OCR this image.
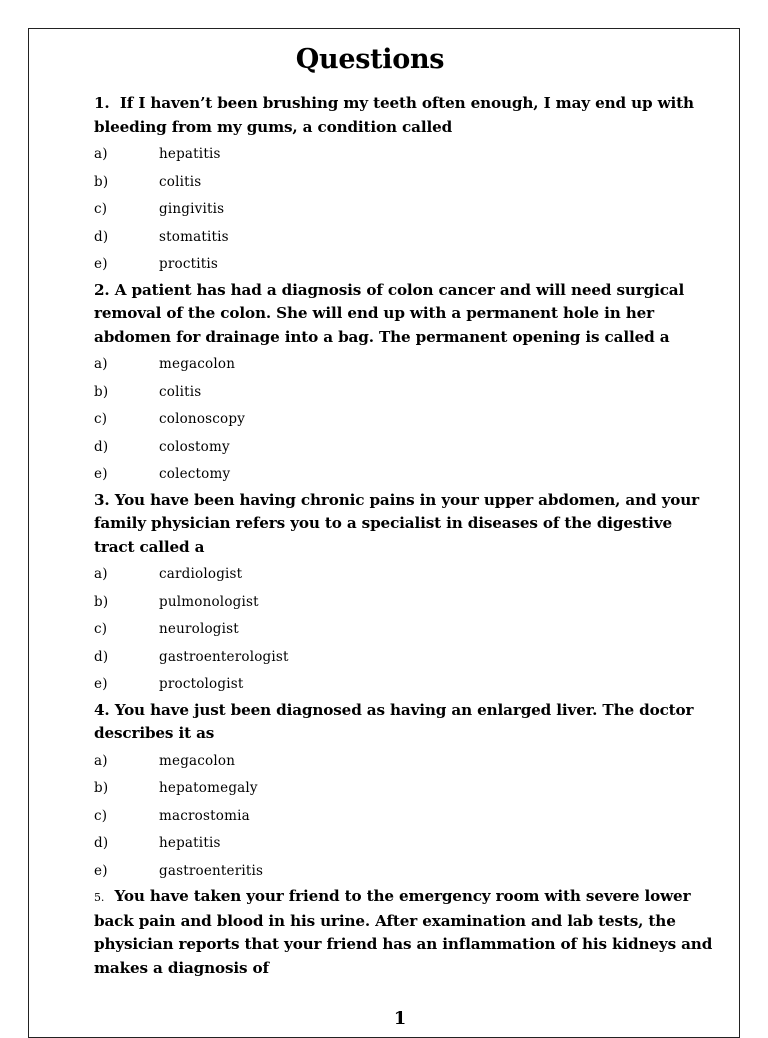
Questions

1. If I haven’t been brushing my teeth often enough, I may end up with bleeding from my gums, a condition called

a)	hepatitis
b)	colitis
c)	gingivitis
d)	stomatitis
e)	proctitis

2. A patient has had a diagnosis of colon cancer and will need surgical removal of the colon. She will end up with a permanent hole in her abdomen for drainage into a bag. The permanent opening is called a

a)	megacolon
b)	colitis
c)	colonoscopy
d)	colostomy
e)	colectomy

3. You have been having chronic pains in your upper abdomen, and your family physician refers you to a specialist in diseases of the digestive tract called a

a)	cardiologist
b)	pulmonologist
c)	neurologist
d)	gastroenterologist
e)	proctologist

4. You have just been diagnosed as having an enlarged liver. The doctor describes it as

a)	megacolon
b)	hepatomegaly
c)	macrostomia
d)	hepatitis
e)	gastroenteritis

5. You have taken your friend to the emergency room with severe lower back pain and blood in his urine. After examination and lab tests, the physician reports that your friend has an inflammation of his kidneys and makes a diagnosis of

1
